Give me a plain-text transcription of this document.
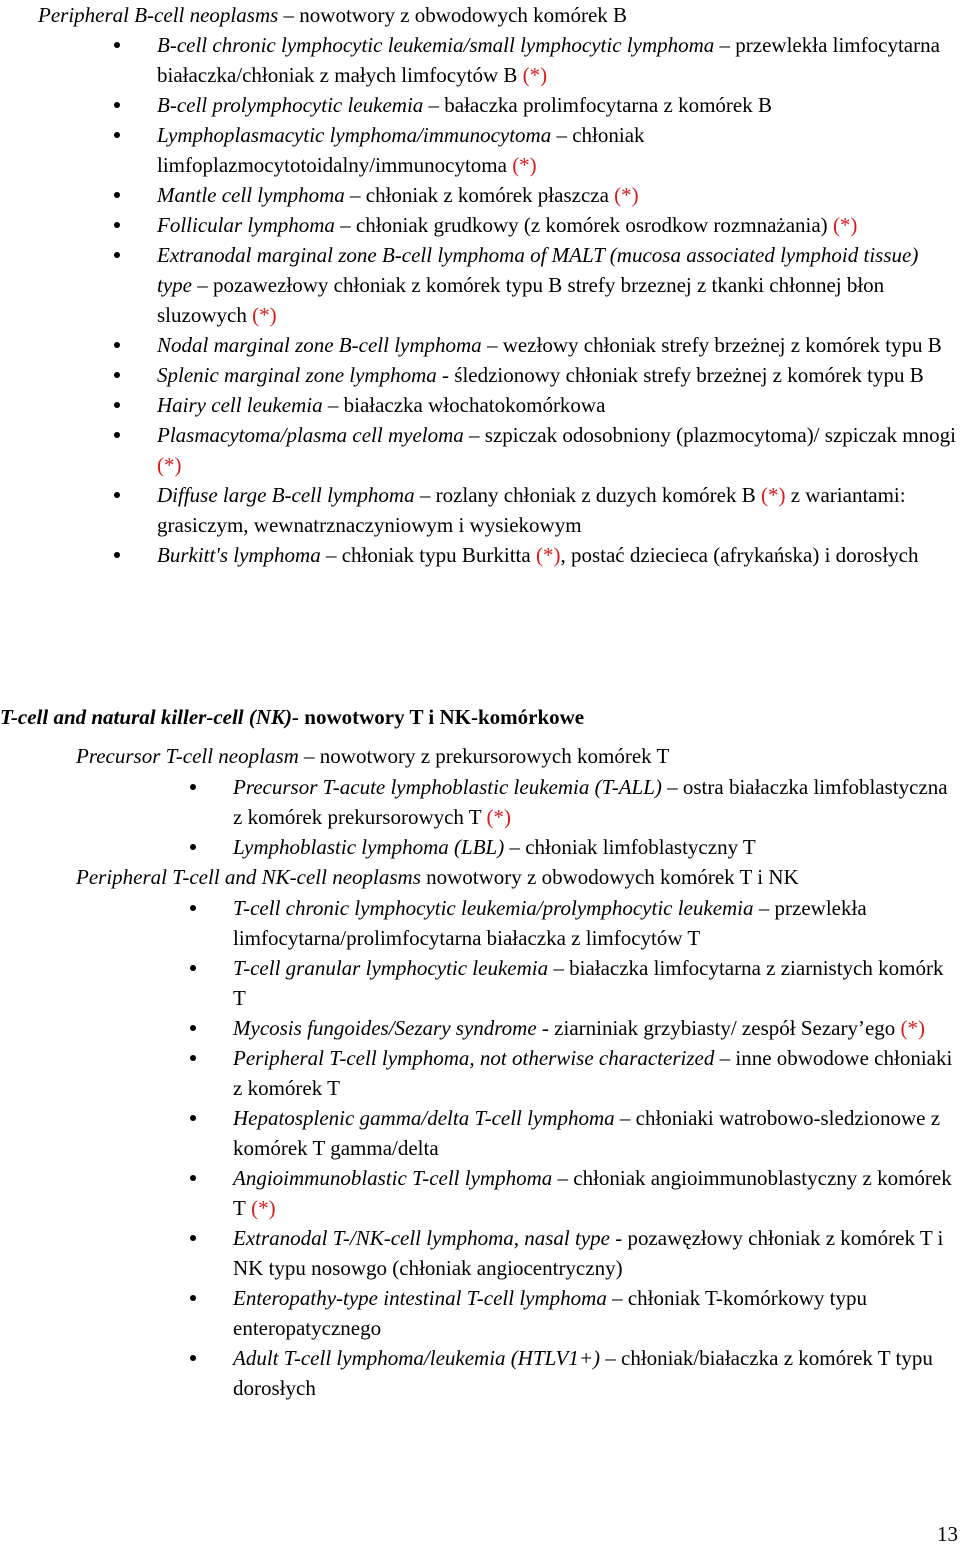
Peripheral B-cell neoplasms – nowotwory z obwodowych komórek B
B-cell chronic lymphocytic leukemia/small lymphocytic lymphoma – przewlekła limfocytarna białaczka/chłoniak z małych limfocytów B (*)
B-cell prolymphocytic leukemia – bałaczka prolimfocytarna z komórek B
Lymphoplasmacytic lymphoma/immunocytoma – chłoniak limfoplazmocytotoidalny/immunocytoma (*)
Mantle cell lymphoma – chłoniak z komórek płaszcza (*)
Follicular lymphoma – chłoniak grudkowy (z komórek osrodkow rozmnażania) (*)
Extranodal marginal zone B-cell lymphoma of MALT (mucosa associated lymphoid tissue) type – pozawezłowy chłoniak z komórek typu B strefy brzeznej z tkanki chłonnej błon sluzowych (*)
Nodal marginal zone B-cell lymphoma – wezłowy chłoniak strefy brzeżnej z komórek typu B
Splenic marginal zone lymphoma - śledzionowy chłoniak strefy brzeżnej z komórek typu B
Hairy cell leukemia – białaczka włochatokomórkowa
Plasmacytoma/plasma cell myeloma – szpiczak odosobniony (plazmocytoma)/ szpiczak mnogi (*)
Diffuse large B-cell lymphoma – rozlany chłoniak z duzych komórek B (*) z wariantami: grasiczym, wewnatrznaczyniowym i wysiekowym
Burkitt's lymphoma – chłoniak typu Burkitta (*), postać dziecieca (afrykańska) i dorosłych
T-cell and natural killer-cell (NK)- nowotwory T i NK-komórkowe
Precursor T-cell neoplasm – nowotwory z prekursorowych komórek T
Precursor T-acute lymphoblastic leukemia (T-ALL) – ostra białaczka limfoblastyczna z komórek prekursorowych T (*)
Lymphoblastic lymphoma (LBL) – chłoniak limfoblastyczny T
Peripheral T-cell and NK-cell neoplasms nowotwory z obwodowych komórek T i NK
T-cell chronic lymphocytic leukemia/prolymphocytic leukemia – przewlekła limfocytarna/prolimfocytarna białaczka z limfocytów T
T-cell granular lymphocytic leukemia – białaczka limfocytarna z ziarnistych komórk T
Mycosis fungoides/Sezary syndrome - ziarniniak grzybiasty/ zespół Sezary’ego (*)
Peripheral T-cell lymphoma, not otherwise characterized – inne obwodowe chłoniaki z komórek T
Hepatosplenic gamma/delta T-cell lymphoma – chłoniaki watrobowo-sledzionowe z komórek T gamma/delta
Angioimmunoblastic T-cell lymphoma – chłoniak angioimmunoblastyczny z komórek T (*)
Extranodal T-/NK-cell lymphoma, nasal type - pozawęzłowy chłoniak z komórek T i NK typu nosowgo (chłoniak angiocentryczny)
Enteropathy-type intestinal T-cell lymphoma – chłoniak T-komórkowy typu enteropatycznego
Adult T-cell lymphoma/leukemia (HTLV1+) – chłoniak/białaczka z komórek T typu dorosłych
13
